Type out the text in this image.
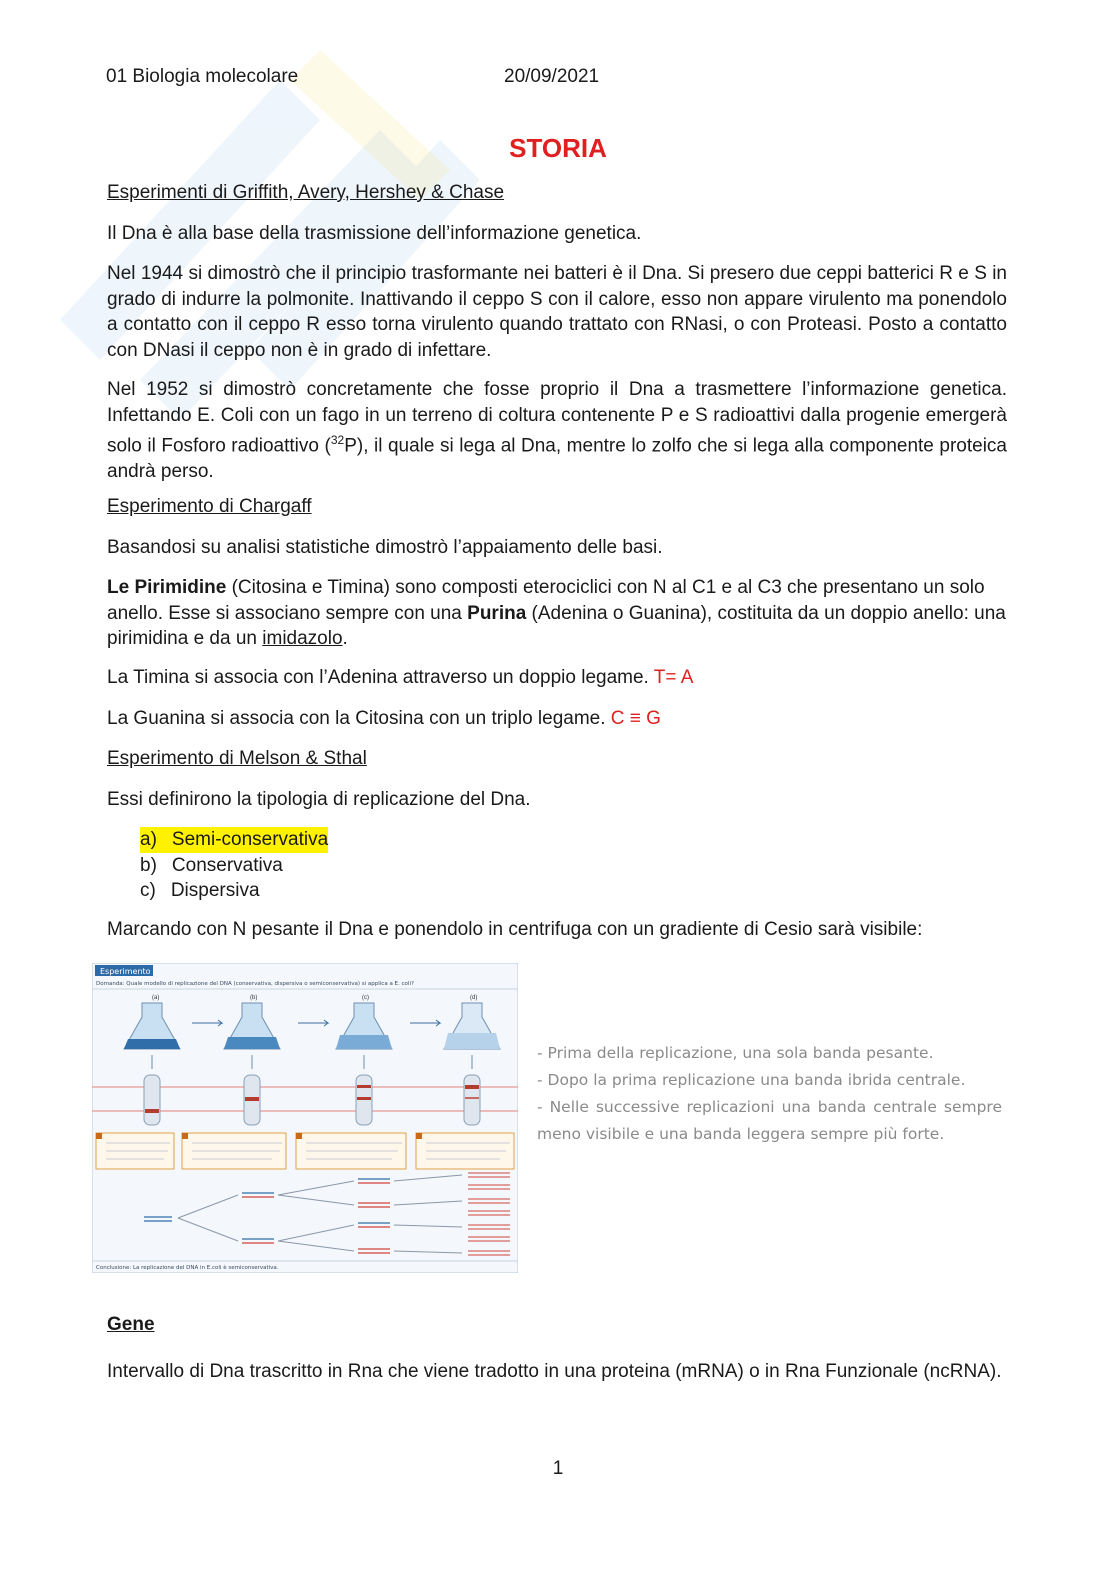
01 Biologia molecolare	20/09/2021
STORIA

Esperimenti di Griffith, Avery, Hershey & Chase

Il Dna è alla base della trasmissione dell’informazione genetica.

Nel 1944 si dimostrò che il principio trasformante nei batteri è il Dna. Si presero due ceppi batterici R e S in grado di indurre la polmonite. Inattivando il ceppo S con il calore, esso non appare virulento ma ponendolo a contatto con il ceppo R esso torna virulento quando trattato con RNasi, o con Proteasi. Posto a contatto con DNasi il ceppo non è in grado di infettare.

Nel 1952 si dimostrò concretamente che fosse proprio il Dna a trasmettere l’informazione genetica. Infettando E. Coli con un fago in un terreno di coltura contenente P e S radioattivi dalla progenie emergerà solo il Fosforo radioattivo ($^{32}$P), il quale si lega al Dna, mentre lo zolfo che si lega alla componente proteica andrà perso.

Esperimento di Chargaff

Basandosi su analisi statistiche dimostrò l’appaiamento delle basi.

Le Pirimidine (Citosina e Timina) sono composti eterociclici con N al C1 e al C3 che presentano un solo anello. Esse si associano sempre con una Purina (Adenina o Guanina), costituita da un doppio anello: una pirimidina e da un imidazolo.

La Timina si associa con l’Adenina attraverso un doppio legame. T= A

La Guanina si associa con la Citosina con un triplo legame. C ≡ G

Esperimento di Melson & Sthal

Essi definirono la tipologia di replicazione del Dna.

a) Semi-conservativa
b) Conservativa
c) Dispersiva

Marcando con N pesante il Dna e ponendolo in centrifuga con un gradiente di Cesio sarà visibile:

Esperimento
Domanda: Quale modello di replicazione del DNA (conservativa, dispersiva o semiconservativa) si applica a E. coli?
(a)	(b)	(c)	(d)
Conclusione: La replicazione del DNA in E.coli è semiconservativa.
- Prima della replicazione, una sola banda pesante.
- Dopo la prima replicazione una banda ibrida centrale.
- Nelle successive replicazioni una banda centrale sempre meno visibile e una banda leggera sempre più forte.

Gene

Intervallo di Dna trascritto in Rna che viene tradotto in una proteina (mRNA) o in Rna Funzionale (ncRNA).

1
